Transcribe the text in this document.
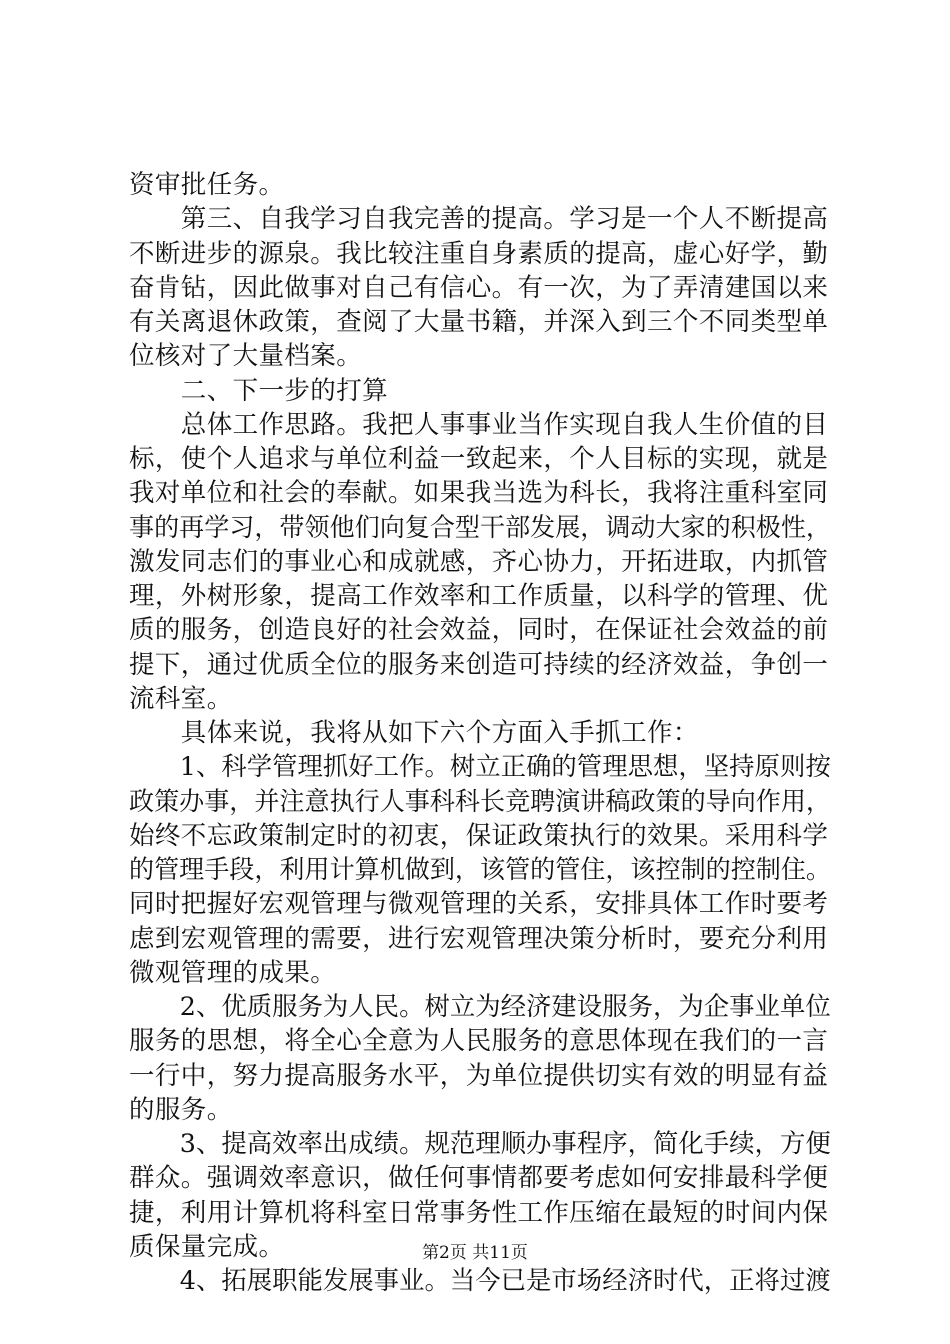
资审批任务。
　　第三、自我学习自我完善的提高。学习是一个人不断提高
不断进步的源泉。我比较注重自身素质的提高，虚心好学，勤
奋肯钻，因此做事对自己有信心。有一次，为了弄清建国以来
有关离退休政策，查阅了大量书籍，并深入到三个不同类型单
位核对了大量档案。
　　二、下一步的打算
　　总体工作思路。我把人事事业当作实现自我人生价值的目
标，使个人追求与单位利益一致起来，个人目标的实现，就是
我对单位和社会的奉献。如果我当选为科长，我将注重科室同
事的再学习，带领他们向复合型干部发展，调动大家的积极性，
激发同志们的事业心和成就感，齐心协力，开拓进取，内抓管
理，外树形象，提高工作效率和工作质量，以科学的管理、优
质的服务，创造良好的社会效益，同时，在保证社会效益的前
提下，通过优质全位的服务来创造可持续的经济效益，争创一
流科室。
　　具体来说，我将从如下六个方面入手抓工作：
　　1、科学管理抓好工作。树立正确的管理思想，坚持原则按
政策办事，并注意执行人事科科长竞聘演讲稿政策的导向作用，
始终不忘政策制定时的初衷，保证政策执行的效果。采用科学
的管理手段，利用计算机做到，该管的管住，该控制的控制住。
同时把握好宏观管理与微观管理的关系，安排具体工作时要考
虑到宏观管理的需要，进行宏观管理决策分析时，要充分利用
微观管理的成果。
　　2、优质服务为人民。树立为经济建设服务，为企事业单位
服务的思想，将全心全意为人民服务的意思体现在我们的一言
一行中，努力提高服务水平，为单位提供切实有效的明显有益
的服务。
　　3、提高效率出成绩。规范理顺办事程序，简化手续，方便
群众。强调效率意识，做任何事情都要考虑如何安排最科学便
捷，利用计算机将科室日常事务性工作压缩在最短的时间内保
质保量完成。
　　4、拓展职能发展事业。当今已是市场经济时代，正将过渡
第2页 共11页
